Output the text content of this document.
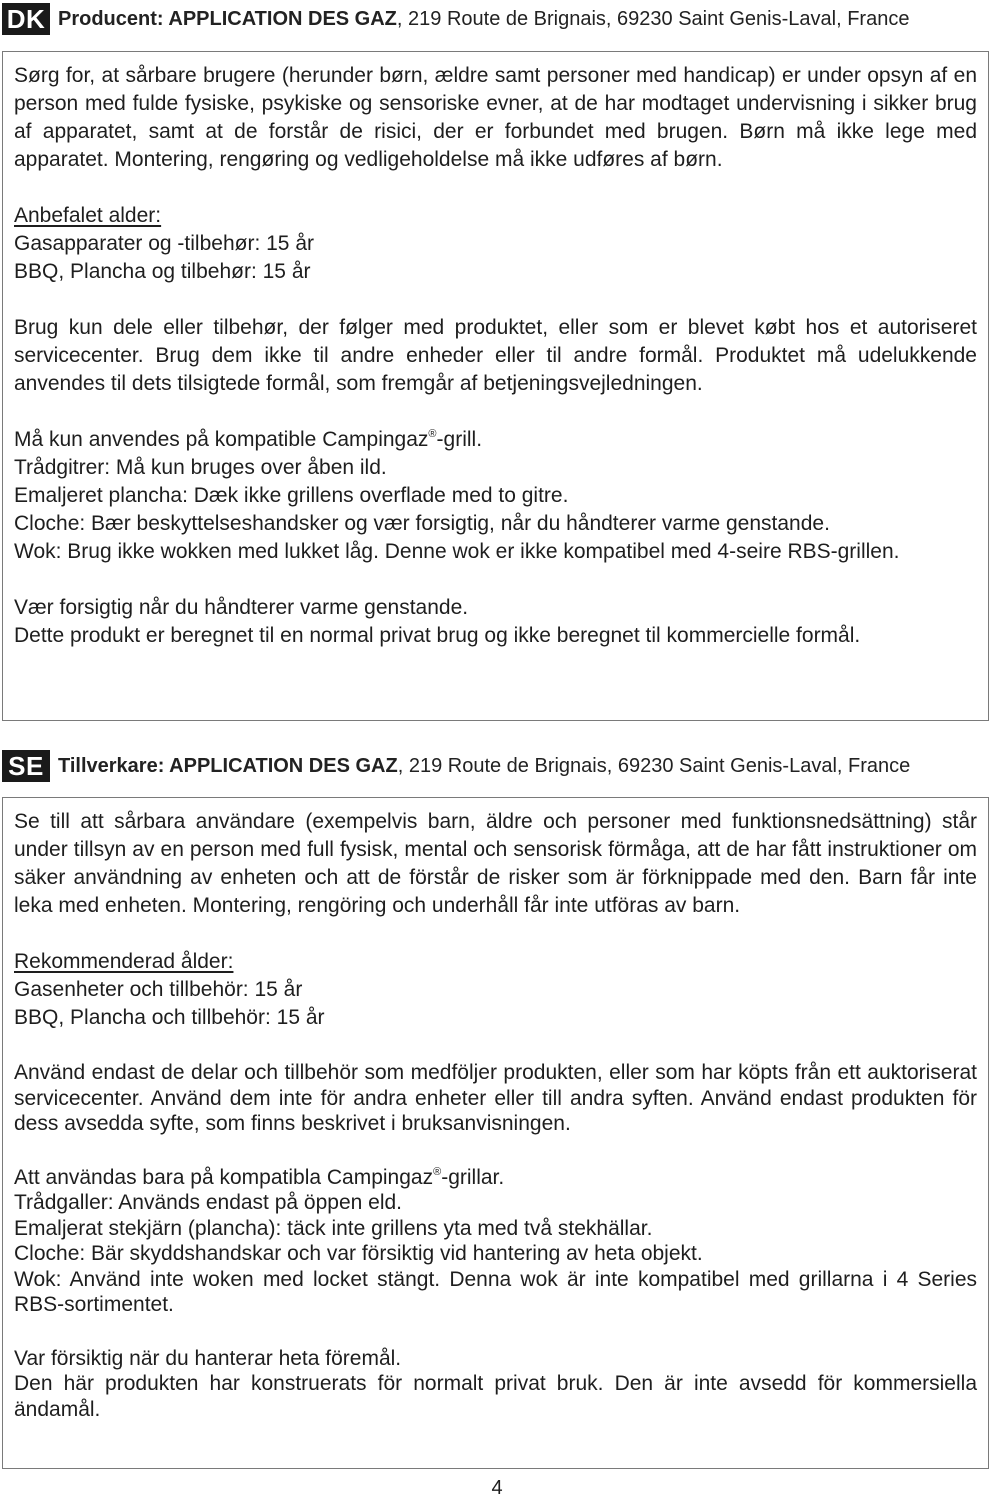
DK Producent: APPLICATION DES GAZ, 219 Route de Brignais, 69230 Saint Genis-Laval, France

Sørg for, at sårbare brugere (herunder børn, ældre samt personer med handicap) er under opsyn af en person med fulde fysiske, psykiske og sensoriske evner, at de har modtaget undervisning i sikker brug af apparatet, samt at de forstår de risici, der er forbundet med brugen. Børn må ikke lege med apparatet. Montering, rengøring og vedligeholdelse må ikke udføres af børn.

Anbefalet alder:
Gasapparater og -tilbehør: 15 år
BBQ, Plancha og tilbehør: 15 år

Brug kun dele eller tilbehør, der følger med produktet, eller som er blevet købt hos et autoriseret servicecenter. Brug dem ikke til andre enheder eller til andre formål. Produktet må udelukkende anvendes til dets tilsigtede formål, som fremgår af betjeningsvejledningen.

Må kun anvendes på kompatible Campingaz®-grill.
Trådgitrer: Må kun bruges over åben ild.
Emaljeret plancha: Dæk ikke grillens overflade med to gitre.
Cloche: Bær beskyttelseshandsker og vær forsigtig, når du håndterer varme genstande.

Wok: Brug ikke wokken med lukket låg. Denne wok er ikke kompatibel med 4-seire RBS-grillen.

Vær forsigtig når du håndterer varme genstande.
Dette produkt er beregnet til en normal privat brug og ikke beregnet til kommercielle formål.
SE Tillverkare: APPLICATION DES GAZ, 219 Route de Brignais, 69230 Saint Genis-Laval, France

Se till att sårbara användare (exempelvis barn, äldre och personer med funktionsnedsättning) står under tillsyn av en person med full fysisk, mental och sensorisk förmåga, att de har fått instruktioner om säker användning av enheten och att de förstår de risker som är förknippade med den. Barn får inte leka med enheten. Montering, rengöring och underhåll får inte utföras av barn.

Rekommenderad ålder:
Gasenheter och tillbehör: 15 år
BBQ, Plancha och tillbehör: 15 år

Använd endast de delar och tillbehör som medföljer produkten, eller som har köpts från ett auktoriserat servicecenter. Använd dem inte för andra enheter eller till andra syften. Använd endast produkten för dess avsedda syfte, som finns beskrivet i bruksanvisningen.

Att användas bara på kompatibla Campingaz®-grillar.
Trådgaller: Används endast på öppen eld.
Emaljerat stekjärn (plancha): täck inte grillens yta med två stekhällar.
Cloche: Bär skyddshandskar och var försiktig vid hantering av heta objekt.

Wok: Använd inte woken med locket stängt. Denna wok är inte kompatibel med grillarna i 4 Series RBS-sortimentet.

Var försiktig när du hanterar heta föremål.

Den här produkten har konstruerats för normalt privat bruk. Den är inte avsedd för kommersiella ändamål.

4
